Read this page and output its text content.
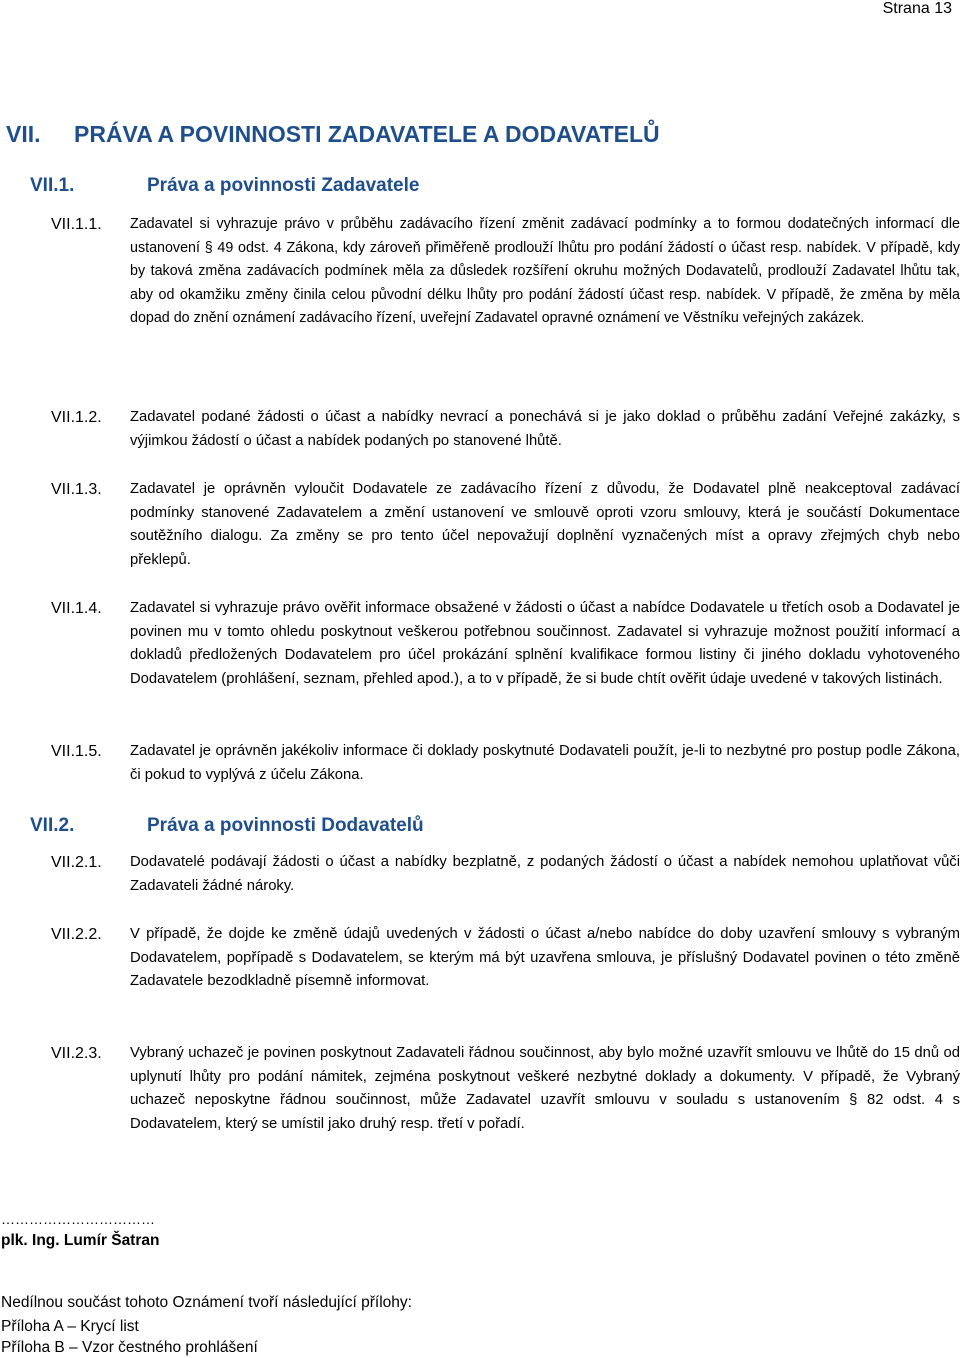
Strana 13
VII. PRÁVA A POVINNOSTI ZADAVATELE A DODAVATELŮ
VII.1.	Práva a povinnosti Zadavatele
VII.1.1. Zadavatel si vyhrazuje právo v průběhu zadávacího řízení změnit zadávací podmínky a to formou dodatečných informací dle ustanovení § 49 odst. 4 Zákona, kdy zároveň přiměřeně prodlouží lhůtu pro podání žádostí o účast resp. nabídek. V případě, kdy by taková změna zadávacích podmínek měla za důsledek rozšíření okruhu možných Dodavatelů, prodlouží Zadavatel lhůtu tak, aby od okamžiku změny činila celou původní délku lhůty pro podání žádostí účast resp. nabídek. V případě, že změna by měla dopad do znění oznámení zadávacího řízení, uveřejní Zadavatel opravné oznámení ve Věstníku veřejných zakázek.
VII.1.2. Zadavatel podané žádosti o účast a nabídky nevrací a ponechává si je jako doklad o průběhu zadání Veřejné zakázky, s výjimkou žádostí o účast a nabídek podaných po stanovené lhůtě.
VII.1.3. Zadavatel je oprávněn vyloučit Dodavatele ze zadávacího řízení z důvodu, že Dodavatel plně neakceptoval zadávací podmínky stanovené Zadavatelem a změní ustanovení ve smlouvě oproti vzoru smlouvy, která je součástí Dokumentace soutěžního dialogu. Za změny se pro tento účel nepovažují doplnění vyznačených míst a opravy zřejmých chyb nebo překlepů.
VII.1.4. Zadavatel si vyhrazuje právo ověřit informace obsažené v žádosti o účast a nabídce Dodavatele u třetích osob a Dodavatel je povinen mu v tomto ohledu poskytnout veškerou potřebnou součinnost. Zadavatel si vyhrazuje možnost použití informací a dokladů předložených Dodavatelem pro účel prokázání splnění kvalifikace formou listiny či jiného dokladu vyhotoveného Dodavatelem (prohlášení, seznam, přehled apod.), a to v případě, že si bude chtít ověřit údaje uvedené v takových listinách.
VII.1.5. Zadavatel je oprávněn jakékoliv informace či doklady poskytnuté Dodavateli použít, je-li to nezbytné pro postup podle Zákona, či pokud to vyplývá z účelu Zákona.
VII.2.	Práva a povinnosti Dodavatelů
VII.2.1. Dodavatelé podávají žádosti o účast a nabídky bezplatně, z podaných žádostí o účast a nabídek nemohou uplatňovat vůči Zadavateli žádné nároky.
VII.2.2. V případě, že dojde ke změně údajů uvedených v žádosti o účast a/nebo nabídce do doby uzavření smlouvy s vybraným Dodavatelem, popřípadě s Dodavatelem, se kterým má být uzavřena smlouva, je příslušný Dodavatel povinen o této změně Zadavatele bezodkladně písemně informovat.
VII.2.3. Vybraný uchazeč je povinen poskytnout Zadavateli řádnou součinnost, aby bylo možné uzavřít smlouvu ve lhůtě do 15 dnů od uplynutí lhůty pro podání námitek, zejména poskytnout veškeré nezbytné doklady a dokumenty. V případě, že Vybraný uchazeč neposkytne řádnou součinnost, může Zadavatel uzavřít smlouvu v souladu s ustanovením § 82 odst. 4 s Dodavatelem, který se umístil jako druhý resp. třetí v pořadí.
……………………………
plk. Ing. Lumír Šatran
Nedílnou součást tohoto Oznámení tvoří následující přílohy:
Příloha A – Krycí list
Příloha B – Vzor čestného prohlášení
